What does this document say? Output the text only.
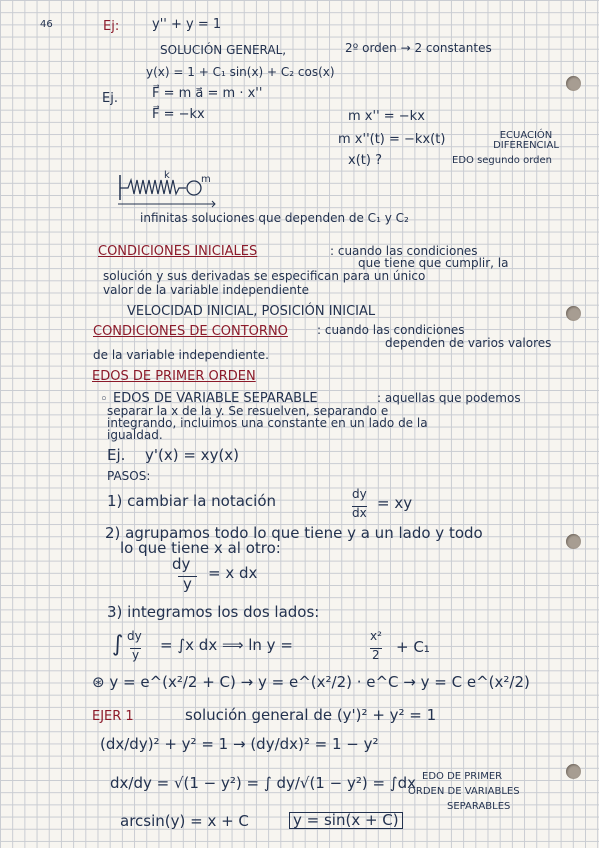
46	Ej:	y'' + y = 1
SOLUCIÓN GENERAL,	2º orden → 2 constantes
y(x) = 1 + C₁ sin(x) + C₂ cos(x)
Ej.	F⃗ = m a⃗ = m · x''
F⃗ = −kx	m x'' = −kx
m x''(t) = −kx(t)	ECUACIÓN DIFERENCIAL
x(t) ?	EDO segundo orden
k	m
infinitas soluciones que dependen de C₁ y C₂
CONDICIONES INICIALES	: cuando las condiciones
que tiene que cumplir, la
solución y sus derivadas se especifican para un único
valor de la variable independiente
VELOCIDAD INICIAL, POSICIÓN INICIAL
CONDICIONES DE CONTORNO : cuando las condiciones
dependen de varios valores
de la variable independiente.
EDOS DE PRIMER ORDEN
◦ EDOS DE VARIABLE SEPARABLE	: aquellas que podemos
separar la x de la y. Se resuelven, separando e
integrando, incluimos una constante en un lado de la
igualdad.
Ej. y'(x) = xy(x)
PASOS:
1) cambiar la notación	dy
dx
= xy
2) agrupamos todo lo que tiene y a un lado y todo
lo que tiene x al otro:
dy
y
= x dx
3) integramos los dos lados:
∫ dy
y
= ∫x dx ⟹ ln y =	x²
2 + C₁
⊛ y = e^(x²/2 + C) → y = e^(x²/2) · e^C → y = C e^(x²/2)
EJER 1	solución general de (y')² + y² = 1
(dx/dy)² + y² = 1 → (dy/dx)² = 1 − y²
dx/dy = √(1 − y²) = ∫ dy/√(1 − y²) = ∫dx EDO DE PRIMER
ORDEN DE VARIABLES
SEPARABLES
arcsin(y) = x + C	y = sin(x + C)
